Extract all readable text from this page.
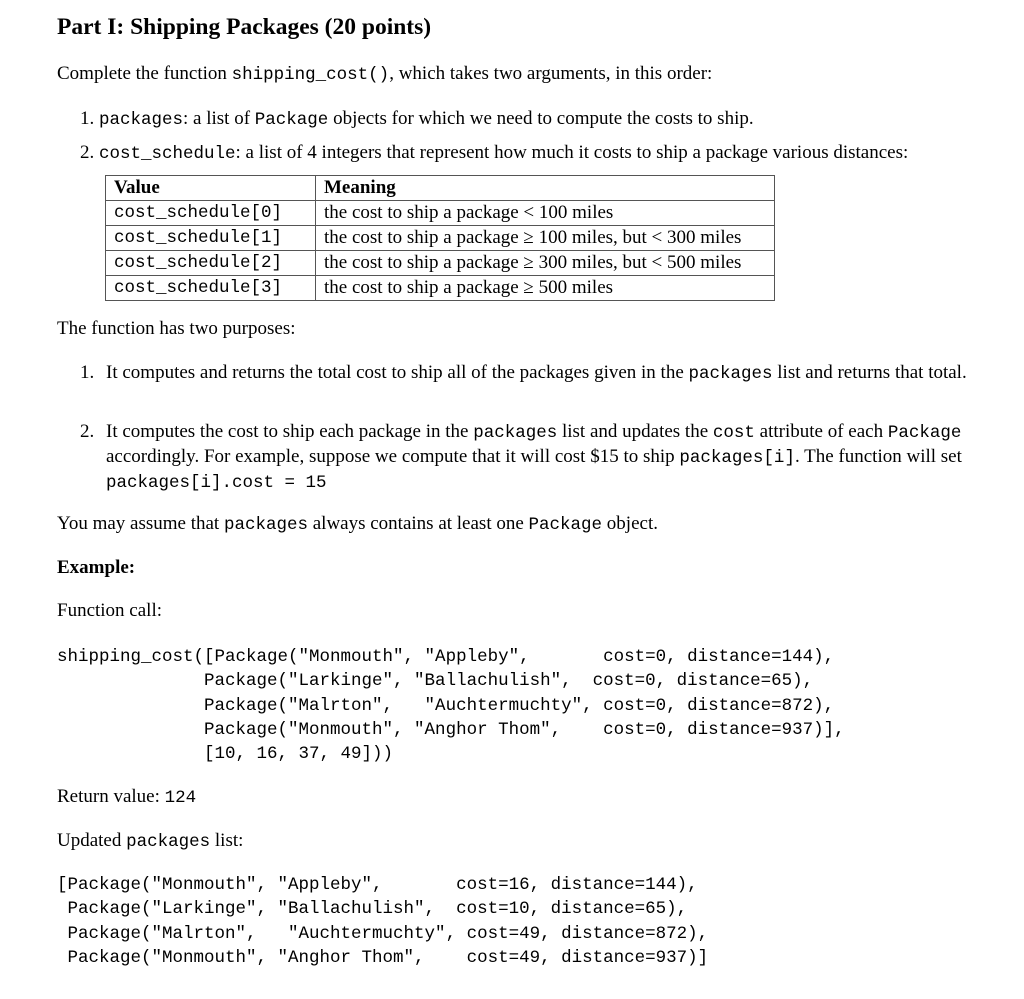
Part I: Shipping Packages (20 points)
Complete the function shipping_cost(), which takes two arguments, in this order:
1. packages: a list of Package objects for which we need to compute the costs to ship.
2. cost_schedule: a list of 4 integers that represent how much it costs to ship a package various distances:
Value	Meaning
cost_schedule[0]	the cost to ship a package < 100 miles
cost_schedule[1]	the cost to ship a package ≥ 100 miles, but < 300 miles
cost_schedule[2]	the cost to ship a package ≥ 300 miles, but < 500 miles
cost_schedule[3]	the cost to ship a package ≥ 500 miles
The function has two purposes:
1. It computes and returns the total cost to ship all of the packages given in the packages list and returns that total.
2. It computes the cost to ship each package in the packages list and updates the cost attribute of each Package accordingly. For example, suppose we compute that it will cost $15 to ship packages[i]. The function will set packages[i].cost = 15
You may assume that packages always contains at least one Package object.
Example:
Function call:
shipping_cost([Package("Monmouth", "Appleby",       cost=0, distance=144),
Package("Larkinge", "Ballachulish",  cost=0, distance=65),
Package("Malrton",   "Auchtermuchty", cost=0, distance=872),
Package("Monmouth", "Anghor Thom",    cost=0, distance=937)],
[10, 16, 37, 49]))
Return value: 124
Updated packages list:
[Package("Monmouth", "Appleby",       cost=16, distance=144),
Package("Larkinge", "Ballachulish",  cost=10, distance=65),
Package("Malrton",   "Auchtermuchty", cost=49, distance=872),
Package("Monmouth", "Anghor Thom",    cost=49, distance=937)]
